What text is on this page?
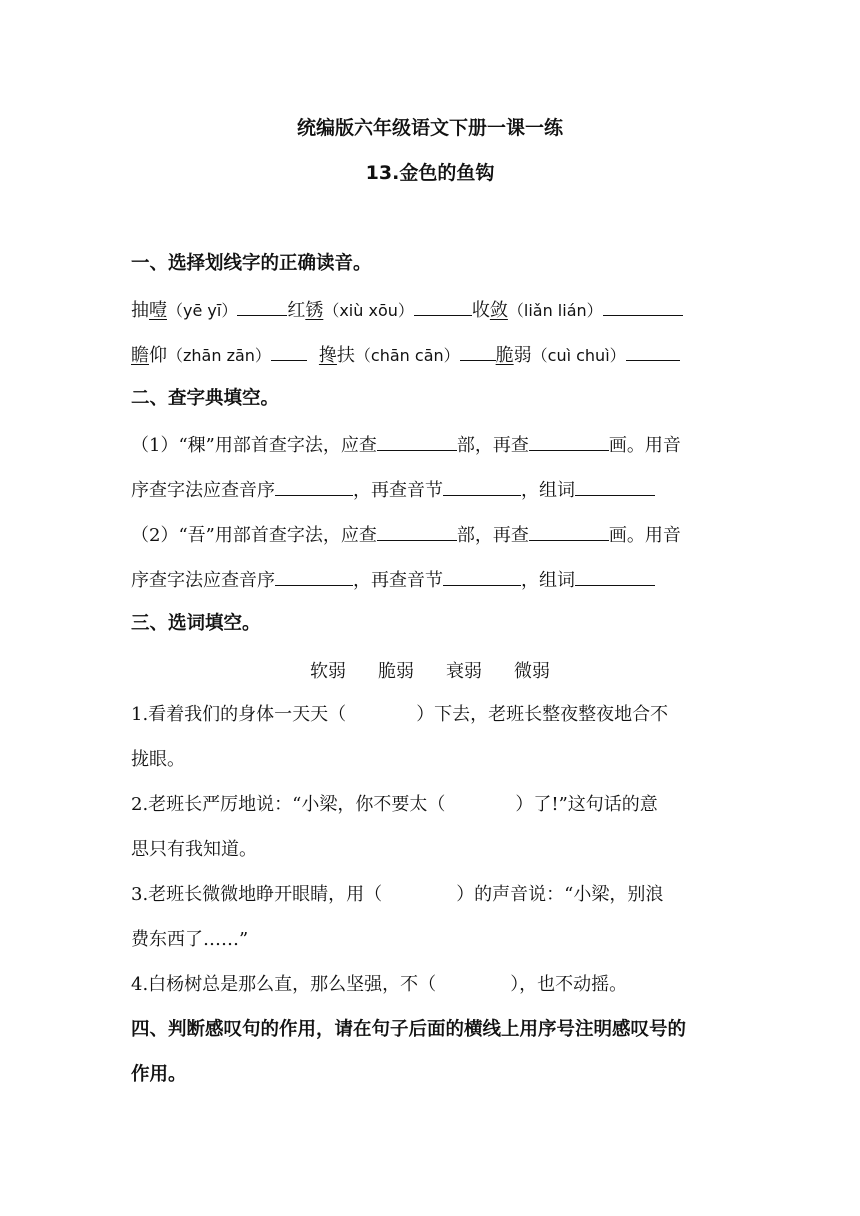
统编版六年级语文下册一课一练
13.金色的鱼钩
一、选择划线字的正确读音。
抽噎（yē yī）	红锈（xiù xōu）	收敛（liǎn lián）
瞻仰（zhān zān）	搀扶（chān cān） 脆弱（cuì chuì）
二、查字典填空。
（1）“稞”用部首查字法，应查	部，再查	画。用音
序查字法应查音序	，再查音节	，组词
（2）“吾”用部首查字法，应查	部，再查	画。用音
序查字法应查音序	，再查音节	，组词
三、选词填空。
软弱 脆弱 衰弱 微弱
1.看着我们的身体一天天（	）下去，老班长整夜整夜地合不
拢眼。
2.老班长严厉地说：“小梁，你不要太（	）了!”这句话的意
思只有我知道。
3.老班长微微地睁开眼睛，用（	）的声音说：“小梁，别浪
费东西了……”
4.白杨树总是那么直，那么坚强，不（	），也不动摇。
四、判断感叹句的作用，请在句子后面的横线上用序号注明感叹号的
作用。
